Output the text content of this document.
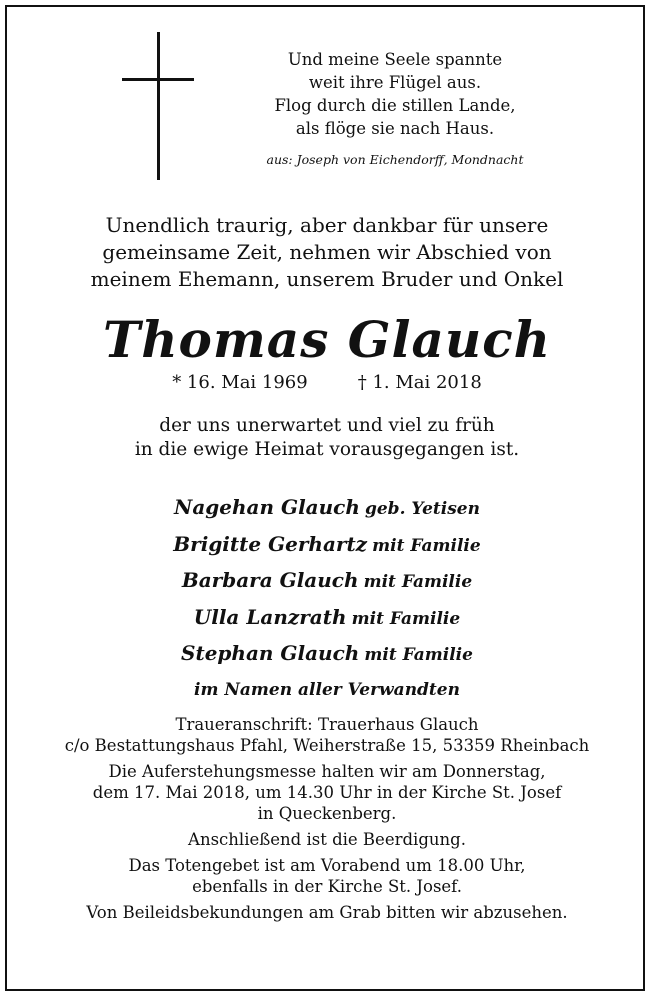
Und meine Seele spannte
weit ihre Flügel aus.
Flog durch die stillen Lande,
als flöge sie nach Haus.
aus: Joseph von Eichendorff, Mondnacht
Unendlich traurig, aber dankbar für unsere
gemeinsame Zeit, nehmen wir Abschied von
meinem Ehemann, unserem Bruder und Onkel
Thomas Glauch
* 16. Mai 1969	† 1. Mai 2018
der uns unerwartet und viel zu früh
in die ewige Heimat vorausgegangen ist.
Nagehan Glauch geb. Yetisen
Brigitte Gerhartz mit Familie
Barbara Glauch mit Familie
Ulla Lanzrath mit Familie
Stephan Glauch mit Familie
im Namen aller Verwandten
Traueranschrift: Trauerhaus Glauch
c/o Bestattungshaus Pfahl, Weiherstraße 15, 53359 Rheinbach
Die Auferstehungsmesse halten wir am Donnerstag,
dem 17. Mai 2018, um 14.30 Uhr in der Kirche St. Josef
in Queckenberg.
Anschließend ist die Beerdigung.
Das Totengebet ist am Vorabend um 18.00 Uhr,
ebenfalls in der Kirche St. Josef.
Von Beileidsbekundungen am Grab bitten wir abzusehen.
